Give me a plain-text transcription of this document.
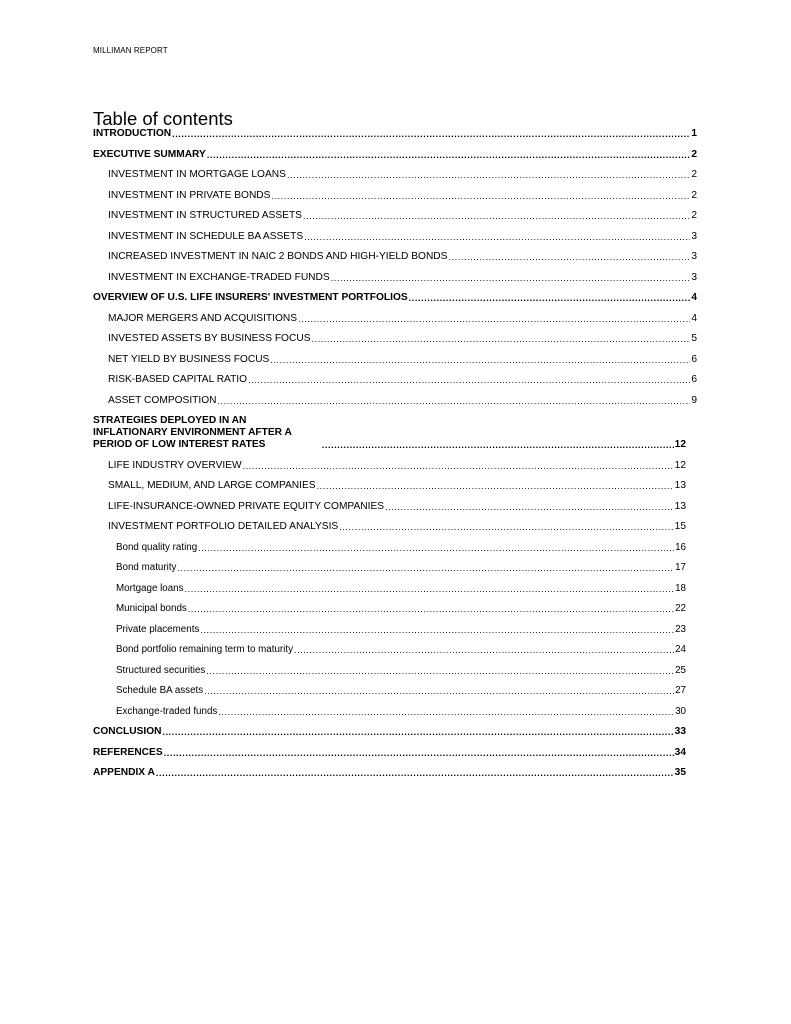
MILLIMAN REPORT
Table of contents
INTRODUCTION .....	1
EXECUTIVE SUMMARY .....	2
INVESTMENT IN MORTGAGE LOANS .....	2
INVESTMENT IN PRIVATE BONDS .....	2
INVESTMENT IN STRUCTURED ASSETS .....	2
INVESTMENT IN SCHEDULE BA ASSETS .....	3
INCREASED INVESTMENT IN NAIC 2 BONDS AND HIGH-YIELD BONDS .....	3
INVESTMENT IN EXCHANGE-TRADED FUNDS .....	3
OVERVIEW OF U.S. LIFE INSURERS' INVESTMENT PORTFOLIOS .....	4
MAJOR MERGERS AND ACQUISITIONS .....	4
INVESTED ASSETS BY BUSINESS FOCUS .....	5
NET YIELD BY BUSINESS FOCUS .....	6
RISK-BASED CAPITAL RATIO .....	6
ASSET COMPOSITION .....	9
STRATEGIES DEPLOYED IN AN INFLATIONARY ENVIRONMENT AFTER A PERIOD OF LOW INTEREST RATES .....	12
LIFE INDUSTRY OVERVIEW .....	12
SMALL, MEDIUM, AND LARGE COMPANIES .....	13
LIFE-INSURANCE-OWNED PRIVATE EQUITY COMPANIES .....	13
INVESTMENT PORTFOLIO DETAILED ANALYSIS .....	15
Bond quality rating .....	16
Bond maturity .....	17
Mortgage loans .....	18
Municipal bonds .....	22
Private placements .....	23
Bond portfolio remaining term to maturity .....	24
Structured securities .....	25
Schedule BA assets .....	27
Exchange-traded funds .....	30
CONCLUSION .....	33
REFERENCES .....	34
APPENDIX A .....	35
